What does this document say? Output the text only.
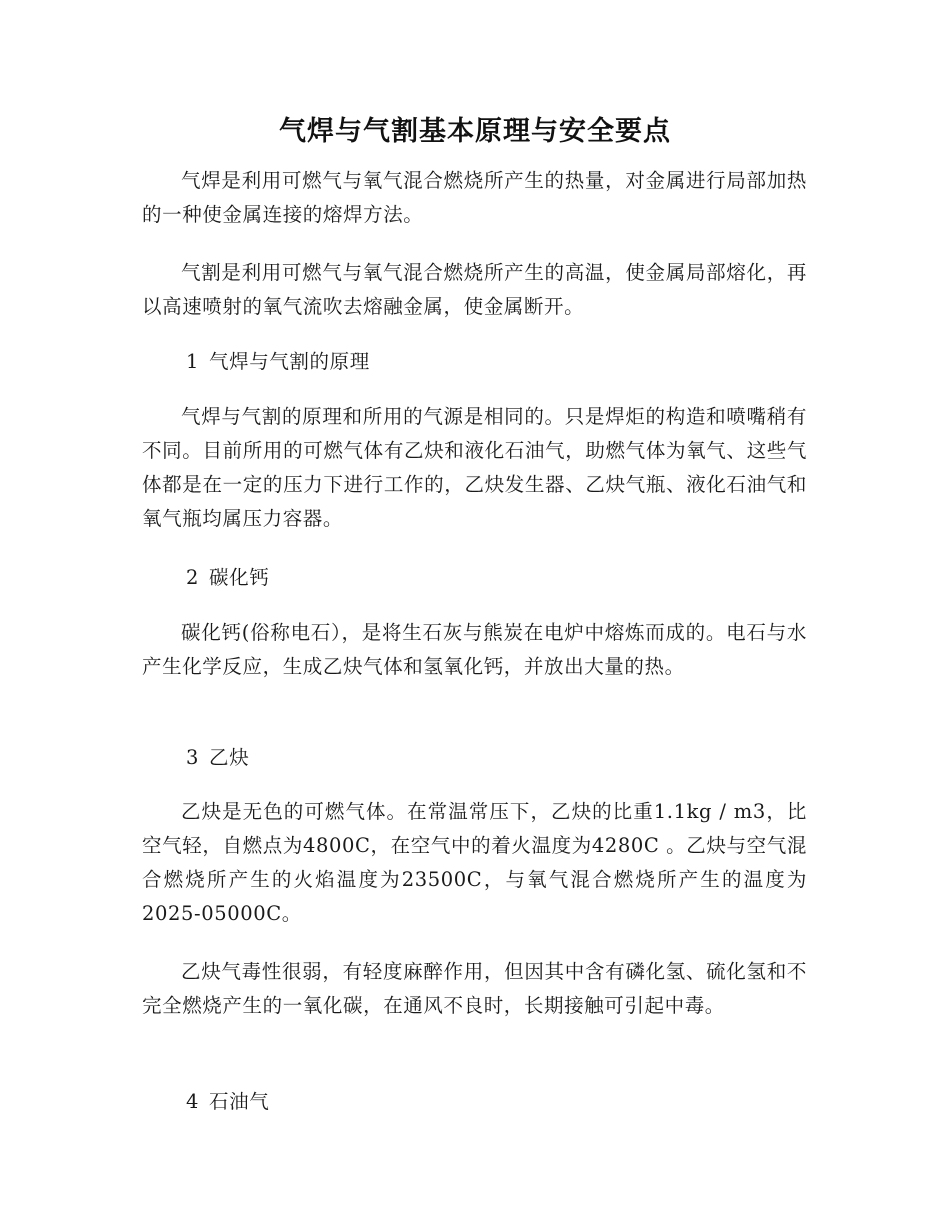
气焊与气割基本原理与安全要点

气焊是利用可燃气与氧气混合燃烧所产生的热量，对金属进行局部加热的一种使金属连接的熔焊方法。

气割是利用可燃气与氧气混合燃烧所产生的高温，使金属局部熔化，再以高速喷射的氧气流吹去熔融金属，使金属断开。

1 气焊与气割的原理

气焊与气割的原理和所用的气源是相同的。只是焊炬的构造和喷嘴稍有不同。目前所用的可燃气体有乙炔和液化石油气，助燃气体为氧气、这些气体都是在一定的压力下进行工作的，乙炔发生器、乙炔气瓶、液化石油气和氧气瓶均属压力容器。

2 碳化钙

碳化钙(俗称电石），是将生石灰与熊炭在电炉中熔炼而成的。电石与水产生化学反应，生成乙炔气体和氢氧化钙，并放出大量的热。

3 乙炔

乙炔是无色的可燃气体。在常温常压下，乙炔的比重1.1kg / m3，比空气轻，自燃点为4800C，在空气中的着火温度为4280C 。乙炔与空气混合燃烧所产生的火焰温度为23500C，与氧气混合燃烧所产生的温度为2025-05000C。

乙炔气毒性很弱，有轻度麻醉作用，但因其中含有磷化氢、硫化氢和不完全燃烧产生的一氧化碳，在通风不良时，长期接触可引起中毒。

4 石油气
